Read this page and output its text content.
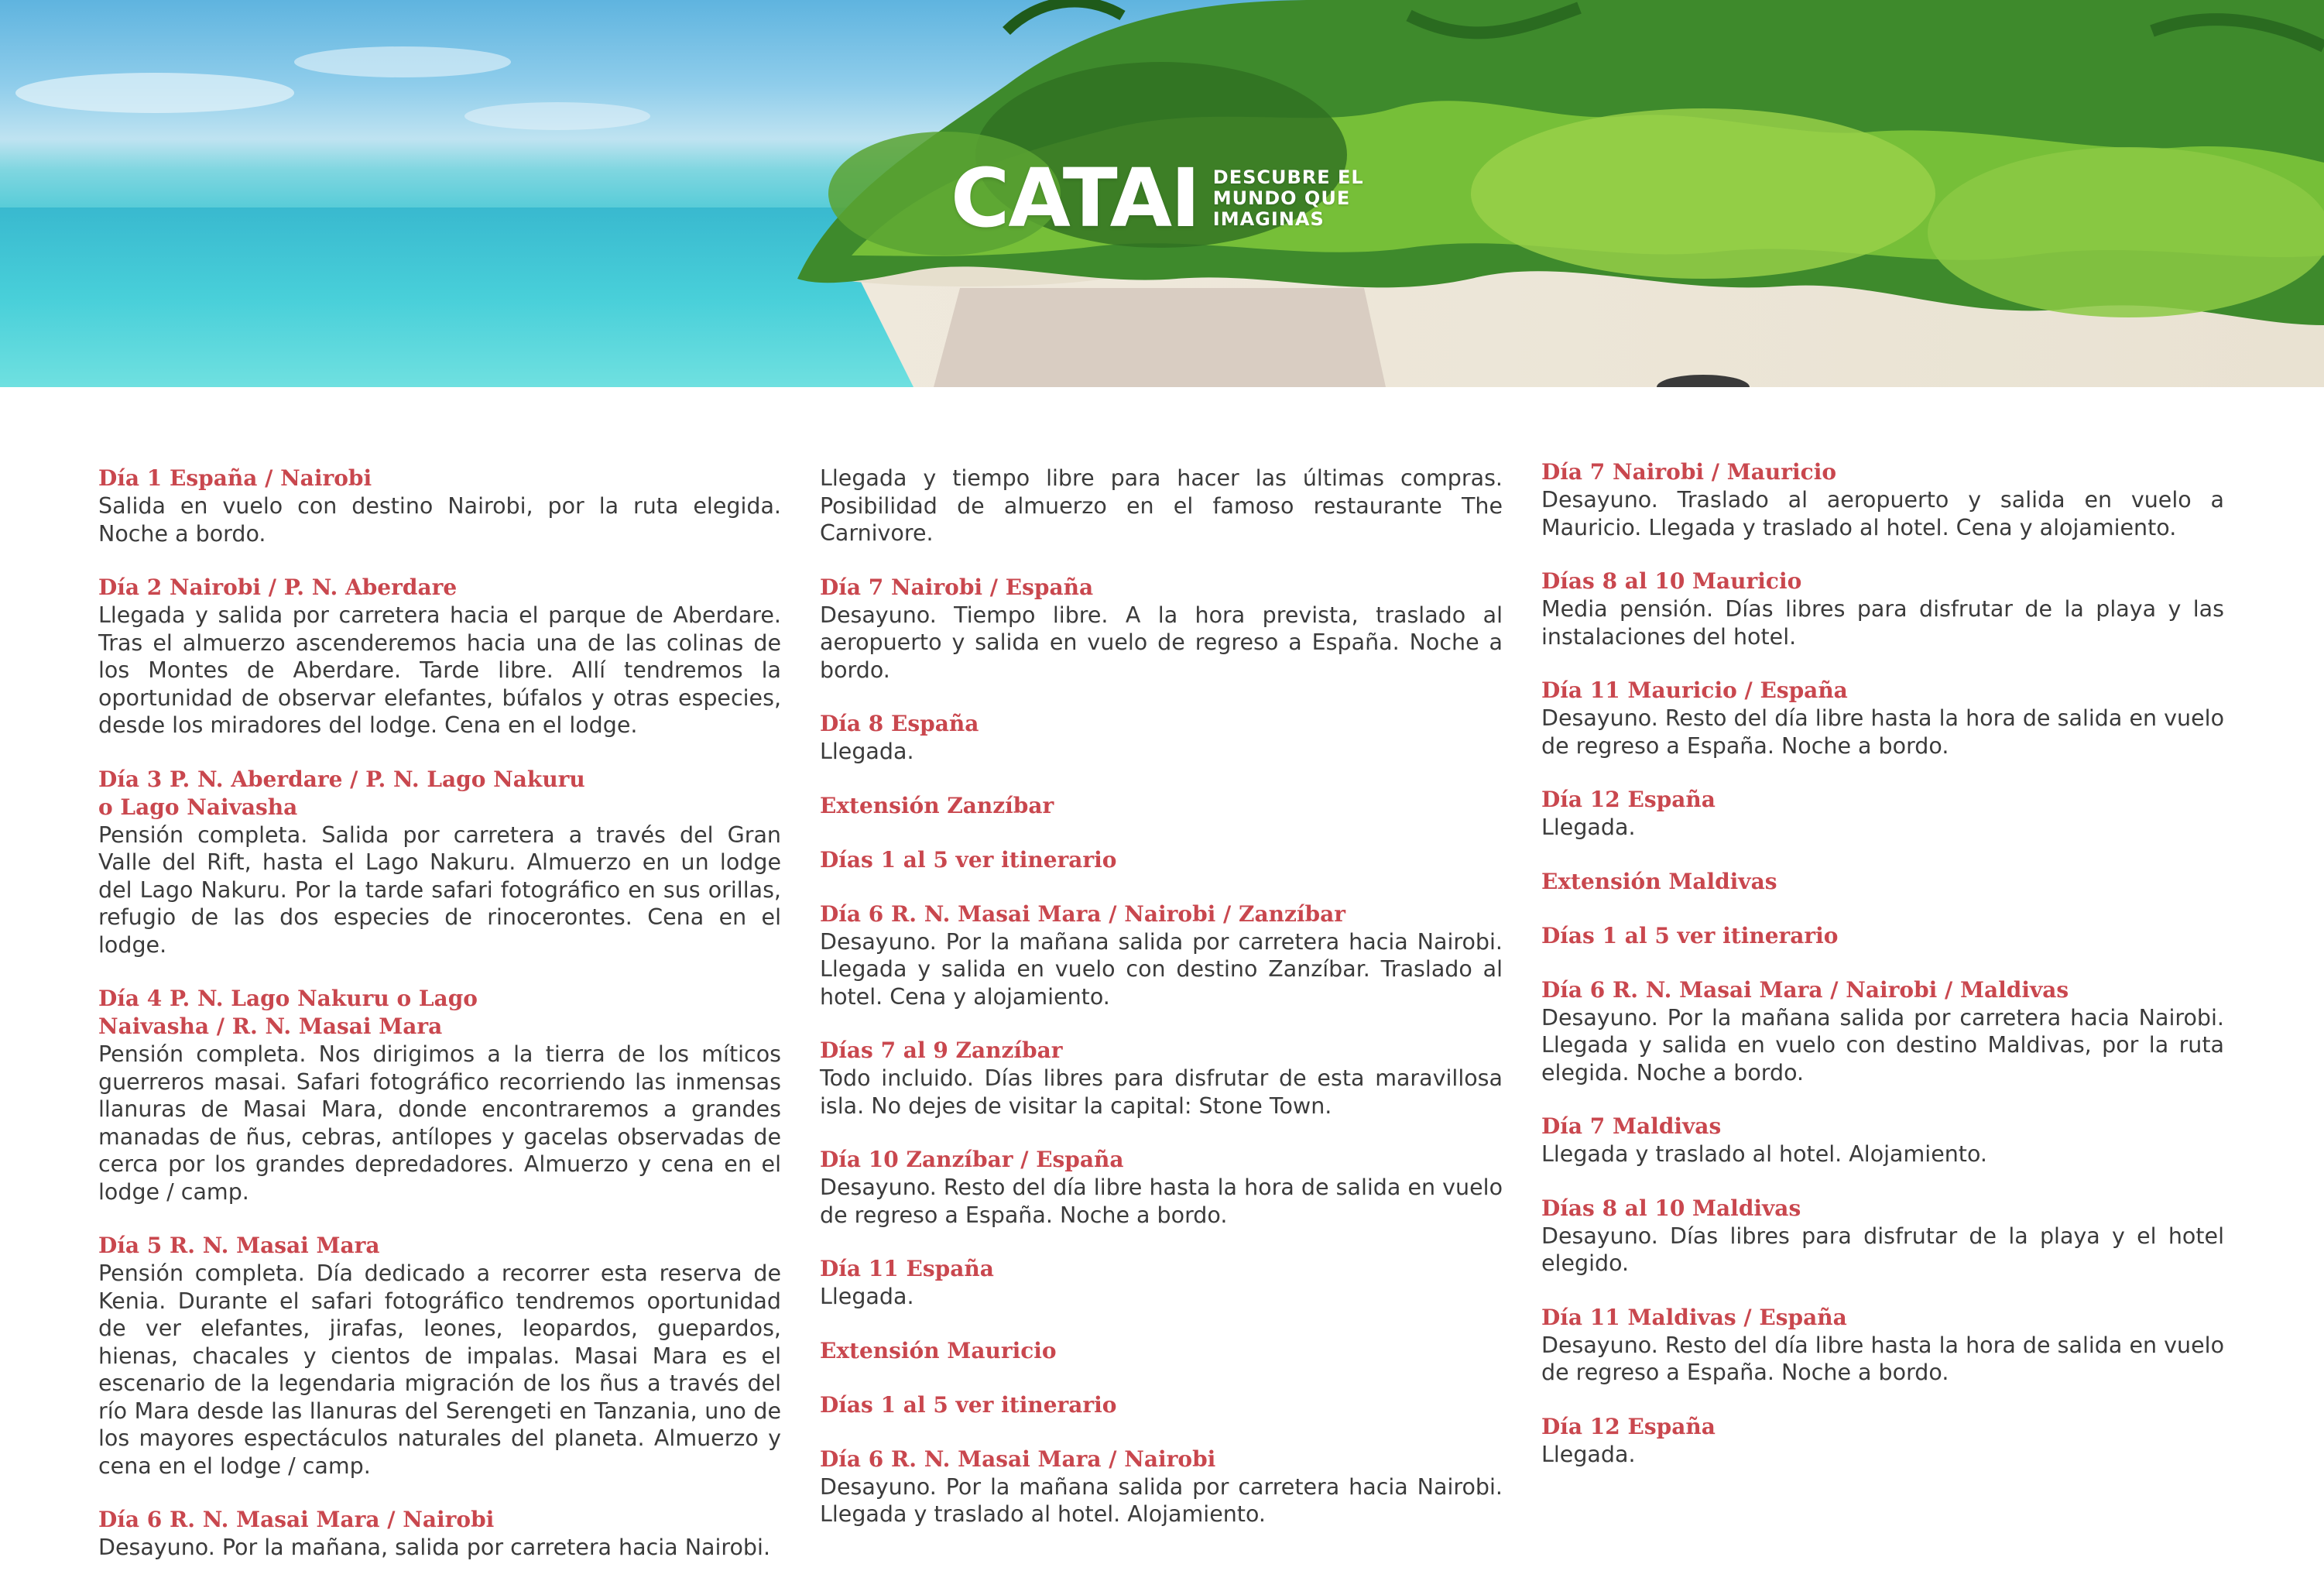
CATAI DESCUBRE EL
MUNDO QUE
IMAGINAS
Día 1 España / Nairobi
Salida en vuelo con destino Nairobi, por la ruta elegida. Noche a bordo.
Día 2 Nairobi / P. N. Aberdare
Llegada y salida por carretera hacia el parque de Aberdare. Tras el almuerzo ascenderemos hacia una de las colinas de los Montes de Aberdare. Tarde libre. Allí tendremos la oportunidad de observar elefantes, búfalos y otras especies, desde los miradores del lodge. Cena en el lodge.
Día 3 P. N. Aberdare / P. N. Lago Nakuru o Lago Naivasha
Pensión completa. Salida por carretera a través del Gran Valle del Rift, hasta el Lago Nakuru. Almuerzo en un lodge del Lago Nakuru. Por la tarde safari fotográfico en sus orillas, refugio de las dos especies de rinocerontes. Cena en el lodge.
Día 4 P. N. Lago Nakuru o Lago Naivasha / R. N. Masai Mara
Pensión completa. Nos dirigimos a la tierra de los míticos guerreros masai. Safari fotográfico recorriendo las inmensas llanuras de Masai Mara, donde encontraremos a grandes manadas de ñus, cebras, antílopes y gacelas observadas de cerca por los grandes depredadores. Almuerzo y cena en el lodge / camp.
Día 5 R. N. Masai Mara
Pensión completa. Día dedicado a recorrer esta reserva de Kenia. Durante el safari fotográfico tendremos oportunidad de ver elefantes, jirafas, leones, leopardos, guepardos, hienas, chacales y cientos de impalas. Masai Mara es el escenario de la legendaria migración de los ñus a través del río Mara desde las llanuras del Serengeti en Tanzania, uno de los mayores espectáculos naturales del planeta. Almuerzo y cena en el lodge / camp.
Día 6 R. N. Masai Mara / Nairobi
Desayuno. Por la mañana, salida por carretera hacia Nairobi.
Llegada y tiempo libre para hacer las últimas compras. Posibilidad de almuerzo en el famoso restaurante The Carnivore.
Día 7 Nairobi / España
Desayuno. Tiempo libre. A la hora prevista, traslado al aeropuerto y salida en vuelo de regreso a España. Noche a bordo.
Día 8 España
Llegada.
Extensión Zanzíbar
Días 1 al 5 ver itinerario
Día 6 R. N. Masai Mara / Nairobi / Zanzíbar
Desayuno. Por la mañana salida por carretera hacia Nairobi. Llegada y salida en vuelo con destino Zanzíbar. Traslado al hotel. Cena y alojamiento.
Días 7 al 9 Zanzíbar
Todo incluido. Días libres para disfrutar de esta maravillosa isla. No dejes de visitar la capital: Stone Town.
Día 10 Zanzíbar / España
Desayuno. Resto del día libre hasta la hora de salida en vuelo de regreso a España. Noche a bordo.
Día 11 España
Llegada.
Extensión Mauricio
Días 1 al 5 ver itinerario
Día 6 R. N. Masai Mara / Nairobi
Desayuno. Por la mañana salida por carretera hacia Nairobi. Llegada y traslado al hotel. Alojamiento.
Día 7 Nairobi / Mauricio
Desayuno. Traslado al aeropuerto y salida en vuelo a Mauricio. Llegada y traslado al hotel. Cena y alojamiento.
Días 8 al 10 Mauricio
Media pensión. Días libres para disfrutar de la playa y las instalaciones del hotel.
Día 11 Mauricio / España
Desayuno. Resto del día libre hasta la hora de salida en vuelo de regreso a España. Noche a bordo.
Día 12 España
Llegada.
Extensión Maldivas
Días 1 al 5 ver itinerario
Día 6 R. N. Masai Mara / Nairobi / Maldivas
Desayuno. Por la mañana salida por carretera hacia Nairobi. Llegada y salida en vuelo con destino Maldivas, por la ruta elegida. Noche a bordo.
Día 7 Maldivas
Llegada y traslado al hotel. Alojamiento.
Días 8 al 10 Maldivas
Desayuno. Días libres para disfrutar de la playa y el hotel elegido.
Día 11 Maldivas / España
Desayuno. Resto del día libre hasta la hora de salida en vuelo de regreso a España. Noche a bordo.
Día 12 España
Llegada.
